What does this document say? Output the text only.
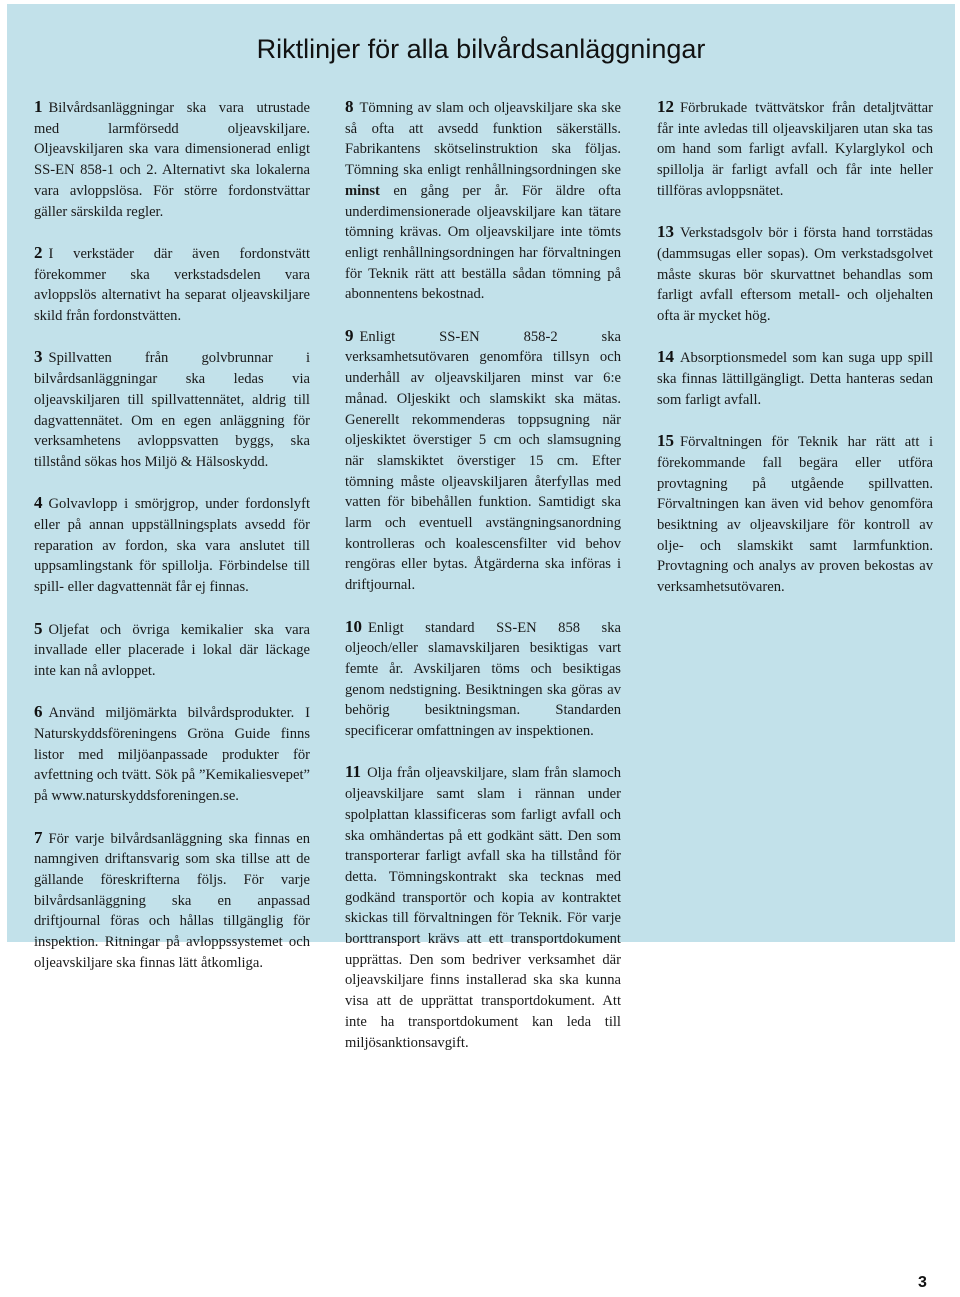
Riktlinjer för alla bilvårdsanläggningar

1 Bilvårdsanläggningar ska vara utrustade med larmförsedd oljeavskiljare. Oljeavskiljaren ska vara dimensionerad enligt SS-EN 858-1 och 2. Alternativt ska lokalerna vara avloppslösa. För större fordonstvättar gäller särskilda regler.

2 I verkstäder där även fordonstvätt förekommer ska verkstadsdelen vara avloppslös alternativt ha separat oljeavskiljare skild från fordonstvätten.

3 Spillvatten från golvbrunnar i bilvårdsanläggningar ska ledas via oljeavskiljaren till spillvattennätet, aldrig till dagvattennätet. Om en egen anläggning för verksamhetens avloppsvatten byggs, ska tillstånd sökas hos Miljö & Hälsoskydd.

4 Golvavlopp i smörjgrop, under fordonslyft eller på annan uppställningsplats avsedd för reparation av fordon, ska vara anslutet till uppsamlingstank för spillolja. Förbindelse till spill- eller dagvattennät får ej finnas.

5 Oljefat och övriga kemikalier ska vara invallade eller placerade i lokal där läckage inte kan nå avloppet.

6 Använd miljömärkta bilvårdsprodukter. I Naturskyddsföreningens Gröna Guide finns listor med miljöanpassade produkter för avfettning och tvätt. Sök på ”Kemikaliesvepet” på www.naturskyddsforeningen.se.

7 För varje bilvårdsanläggning ska finnas en namngiven driftansvarig som ska tillse att de gällande föreskrifterna följs. För varje bilvårdsanläggning ska en anpassad driftjournal föras och hållas tillgänglig för inspektion. Ritningar på avloppssystemet och oljeavskiljare ska finnas lätt åtkomliga.

8 Tömning av slam och oljeavskiljare ska ske så ofta att avsedd funktion säkerställs. Fabrikantens skötselinstruktion ska följas. Tömning ska enligt renhållningsordningen ske minst en gång per år. För äldre ofta underdimensionerade oljeavskiljare kan tätare tömning krävas. Om oljeavskiljare inte tömts enligt renhållningsordningen har förvaltningen för Teknik rätt att beställa sådan tömning på abonnentens bekostnad.

9 Enligt SS-EN 858-2 ska verksamhetsutövaren genomföra tillsyn och underhåll av oljeavskiljaren minst var 6:e månad. Oljeskikt och slamskikt ska mätas. Generellt rekommenderas toppsugning när oljeskiktet överstiger 5 cm och slamsugning när slamskiktet överstiger 15 cm. Efter tömning måste oljeavskiljaren återfyllas med vatten för bibehållen funktion. Samtidigt ska larm och eventuell avstängningsanordning kontrolleras och koalescensfilter vid behov rengöras eller bytas. Åtgärderna ska införas i driftjournal.

10 Enligt standard SS-EN 858 ska oljeoch/eller slamavskiljaren besiktigas vart femte år. Avskiljaren töms och besiktigas genom nedstigning. Besiktningen ska göras av behörig besiktningsman. Standarden specificerar omfattningen av inspektionen.

11 Olja från oljeavskiljare, slam från slamoch oljeavskiljare samt slam i rännan under spolplattan klassificeras som farligt avfall och ska omhändertas på ett godkänt sätt. Den som transporterar farligt avfall ska ha tillstånd för detta. Tömningskontrakt ska tecknas med godkänd transportör och kopia av kontraktet skickas till förvaltningen för Teknik. För varje borttransport krävs att ett transportdokument upprättas. Den som bedriver verksamhet där oljeavskiljare finns installerad ska ska kunna visa att de upprättat transportdokument. Att inte ha transportdokument kan leda till miljösanktionsavgift.

12 Förbrukade tvättvätskor från detaljtvättar får inte avledas till oljeavskiljaren utan ska tas om hand som farligt avfall. Kylarglykol och spillolja är farligt avfall och får inte heller tillföras avloppsnätet.

13 Verkstadsgolv bör i första hand torrstädas (dammsugas eller sopas). Om verkstadsgolvet måste skuras bör skurvattnet behandlas som farligt avfall eftersom metall- och oljehalten ofta är mycket hög.

14 Absorptionsmedel som kan suga upp spill ska finnas lättillgängligt. Detta hanteras sedan som farligt avfall.

15 Förvaltningen för Teknik har rätt att i förekommande fall begära eller utföra provtagning på utgående spillvatten. Förvaltningen kan även vid behov genomföra besiktning av oljeavskiljare för kontroll av olje- och slamskikt samt larmfunktion. Provtagning och analys av proven bekostas av verksamhetsutövaren.

3
